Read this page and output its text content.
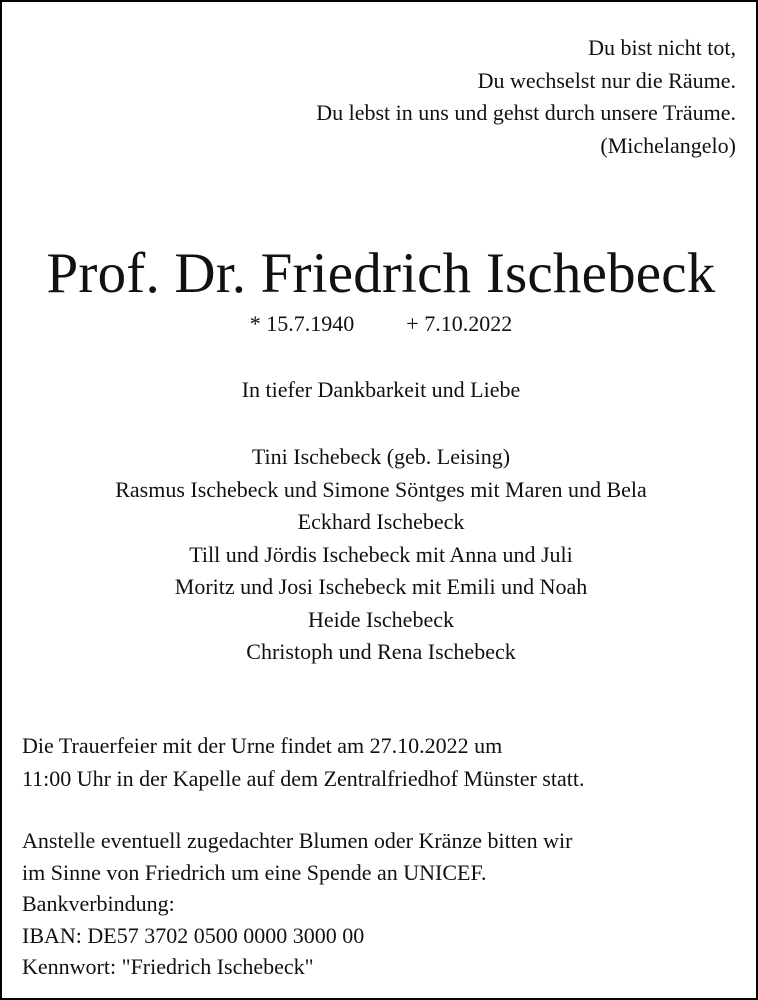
Du bist nicht tot,
Du wechselst nur die Räume.
Du lebst in uns und gehst durch unsere Träume.
(Michelangelo)
Prof. Dr. Friedrich Ischebeck
* 15.7.1940 + 7.10.2022
In tiefer Dankbarkeit und Liebe
Tini Ischebeck (geb. Leising)
Rasmus Ischebeck und Simone Söntges mit Maren und Bela
Eckhard Ischebeck
Till und Jördis Ischebeck mit Anna und Juli
Moritz und Josi Ischebeck mit Emili und Noah
Heide Ischebeck
Christoph und Rena Ischebeck
Die Trauerfeier mit der Urne findet am 27.10.2022 um
11:00 Uhr in der Kapelle auf dem Zentralfriedhof Münster statt.
Anstelle eventuell zugedachter Blumen oder Kränze bitten wir
im Sinne von Friedrich um eine Spende an UNICEF.
Bankverbindung:
IBAN: DE57 3702 0500 0000 3000 00
Kennwort: "Friedrich Ischebeck"
